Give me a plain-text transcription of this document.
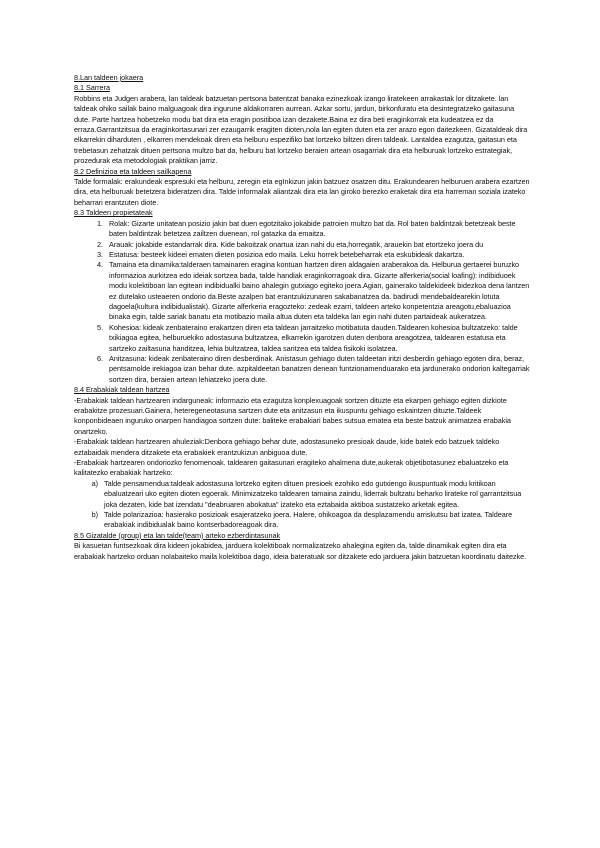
8.Lan taldeen jokaera

8.1 Sarrera

Robbins eta Judgen arabera, lan taldeak batzuetan pertsona batentzat banaka ezinezkoak izango liratekeen arrakastak lor ditzakete. lan taldeak ohiko sailak baino malguagoak dira ingurune aldakorraren aurrean. Azkar sortu, jardun, birkonfuratu eta desintegratzeko gaitasuna dute. Parte hartzea hobetzeko modu bat dira eta eragin positiboa izan dezakete.Baina ez dira beti eraginkorrak eta kudeatzea ez da erraza.Garrantzitsua da eraginkortasunari zer ezaugarrik eragiten dioten,nola lan egiten duten eta zer arazo egon daitezkeen. Gizataldeak dira elkarrekin diharduten , elkarren mendekoak diren eta helburu espezifiko bat lortzeko biltzen diren taldeak. Lantaldea ezagutza, gaitasun eta trebetasun zehatzak dituen pertsona multzo bat da, helburu bat lortzeko beraien artean osagarriak dira eta helburuak lortzeko estrategiak, prozedurak eta metodologiak praktikan jarriz.

8.2 Definizioa eta taldeen sailkapena

Talde formalak: erakundeak espresuki eta helburu, zeregin eta egInkizun jakin batzuez osatzen ditu. Erakundearen helburuen arabera ezartzen dira, eta helburuak betetzera bideratzen dira. Talde informalak aliantzak dira eta lan giroko berezko eraketak dira eta harreman soziala izateko beharrari erantzuten diote.

8.3 Taldeen propietateak

1. Rolak: Gizarte unitatean posizio jakin bat duen egotzitako jokabide patroien multzo bat da. Rol baten baldintzak betetzeak beste baten baldintzak betetzea zailtzen duenean, rol gatazka da emaitza.
2. Arauak: jokabide estandarrak dira. Kide bakoitzak onartua izan nahi du eta,horregatik, arauekin bat etortzeko joera du
3. Estatusa: besteek kideei ematen dieten posizioa edo maila. Leku horrek betebeharrak eta eskubideak dakartza.
4. Tamaina eta dinamika:talderaen tamainaren eragina kontuan hartzen diren aldagaien araberakoa da. Helburua gertaerei buruzko informazioa aurkitzea edo ideiak sortzea bada, talde handiak eraginkorragoak dira. Gizarte alferkeria(social loafing): indibiduoek modu kolektiboan lan egitean indibidualki baino ahalegin gutxiago egiteko joera.Agian, gainerako taldekideek bidezkoa dena lantzen ez dutelako usteaeren ondorio da.Beste azalpen bat erantzukizunaren sakabanatzea da. badirudi mendebaldearekin lotuta dagoela(kultura indibidualistak). Gizarte alferkeria eragozteko: zedeak ezarri, taldeen arteko konpetentzia areagotu,ebaluazioa binaka egin, talde sariak banatu eta motibazio maila altua duten eta taldeka lan egin nahi duten partaideak aukeratzea.
5. Kohesioa: kideak zenbateraino erakartzen diren eta taldean jarraitzeko motibatuta dauden.Taldearen kohesioa bultzatzeko: talde txikiagoa egitea, helburuekiko adostasuna bultzatzea, elkarrekin igarotzen duten denbora areagotzea, taldearen estatusa eta sartzeko zailtasuna handitzea, lehia bultzatzea, taldea saritzea eta taldea fisikoki isolatzea.
6. Anitzasuna: kideak zenbateraino diren desberdinak. Anistasun gehiago duten taldeetan iritzi desberdin gehiago egoten dira, beraz, pentsamolde irekiagoa izan behar dute. azpitaldeetan banatzen denean funtzionamenduarako eta jardunerako ondorion kaltegarriak sortzen dira, beraien artean lehiatzeko joera dute.

8.4 Erabakiak taldean hartzea

-Erabakiak taldean hartzearen indarguneak: informazio eta ezagutza konplexuagoak sortzen dituzte eta ekarpen gehiago egiten dizkiote erabakitze prozesuari.Gainera, heteregeneotasuna sartzen dute eta anitzasun eta ikuspuntu gehiago eskaintzen dituzte.Taldeek konponbideaen inguruko onarpen handiagoa sortzen dute: baliteke erabakiari babes sutsua ematea eta beste batzuk animatzea erabakia onartzeko.

-Erabakiak taldean hartzearen ahuleziak:Denbora gehiago behar dute, adostasuneko presioak daude, kide batek edo batzuek taldeko eztabaidak mendera ditzakete eta erabakiek erantzukizun anbiguoa dute.

-Erabakiak hartzearen ondoriozko fenomenoak. taldearen gaitasunari eragiteko ahalmena dute,aukerak objetibotasunez ebaluatzeko eta kalitatezko erabakiak hartzeko:

a) Talde pensamendua:taldeak adostasuna lortzeko egiten dituen presioek ezohiko edo gutxiengo ikuspuntuak modu kritikoan ebaluatzeari uko egiten dioten egoerak. Minimizatzeko taldearen tamaina zaindu, liderrak bultzatu beharko lirateke rol garrantzitsua joka dezaten, kide bat izendatu "deabruaren abokatua" izateko eta eztabaida aktiboa sustatzeko arketak egitea.
b) Talde polarizazioa: hasierako posizioak esajeratzeko joera. Halere, ohikoagoa da desplazamendu arriskutsu bat izatea. Taldeare erabakiak indibidualak baino kontserbadoreagoak dira.

8.5 Gizatalde (group) eta lan talde(team) arteko ezberdintasunak

Bi kasuetan funtsezkoak dira kideen jokabidea, jarduera kolektiboak normalizatzeko ahalegina egiten da, talde dinamikak egiten dira eta erabakiak hartzeko orduan nolabaiteko maila kolektiboa dago, ideia bateratuak sor ditzakete edo jarduera jakin batzuetan koordinatu daitezke.
